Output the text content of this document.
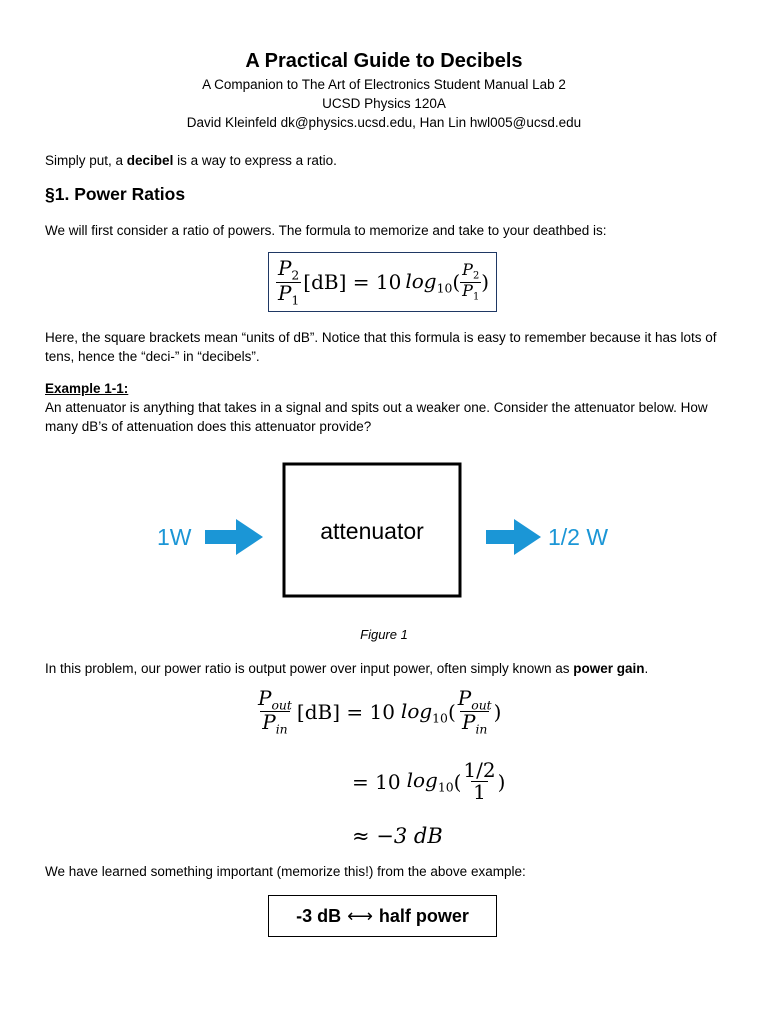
A Practical Guide to Decibels
A Companion to The Art of Electronics Student Manual Lab 2
UCSD Physics 120A
David Kleinfeld dk@physics.ucsd.edu, Han Lin hwl005@ucsd.edu
Simply put, a decibel is a way to express a ratio.
§1. Power Ratios
We will first consider a ratio of powers. The formula to memorize and take to your deathbed is:
$\frac{P_2}{P_1} [dB] = 10$ $\log_{10}$ ( $\frac{P_2}{P_1}$ )
Here, the square brackets mean “units of dB”. Notice that this formula is easy to remember because it has lots of tens, hence the “deci-” in “decibels”.
Example 1-1:
An attenuator is anything that takes in a signal and spits out a weaker one. Consider the attenuator below. How many dB’s of attenuation does this attenuator provide?
attenuator
1W	1/2 W
Figure 1
In this problem, our power ratio is output power over input power, often simply known as power gain.
$\frac{P_{out}}{P_{in}} [dB] = 10$ $\log_{10}$ ( $\frac{P_{out}}{P_{in}}$ )
= 10 $\log_{10}$ ( $\frac{1/2}{1}$ )
≈ −3 dB
We have learned something important (memorize this!) from the above example:
-3 dB ⟷ half power
